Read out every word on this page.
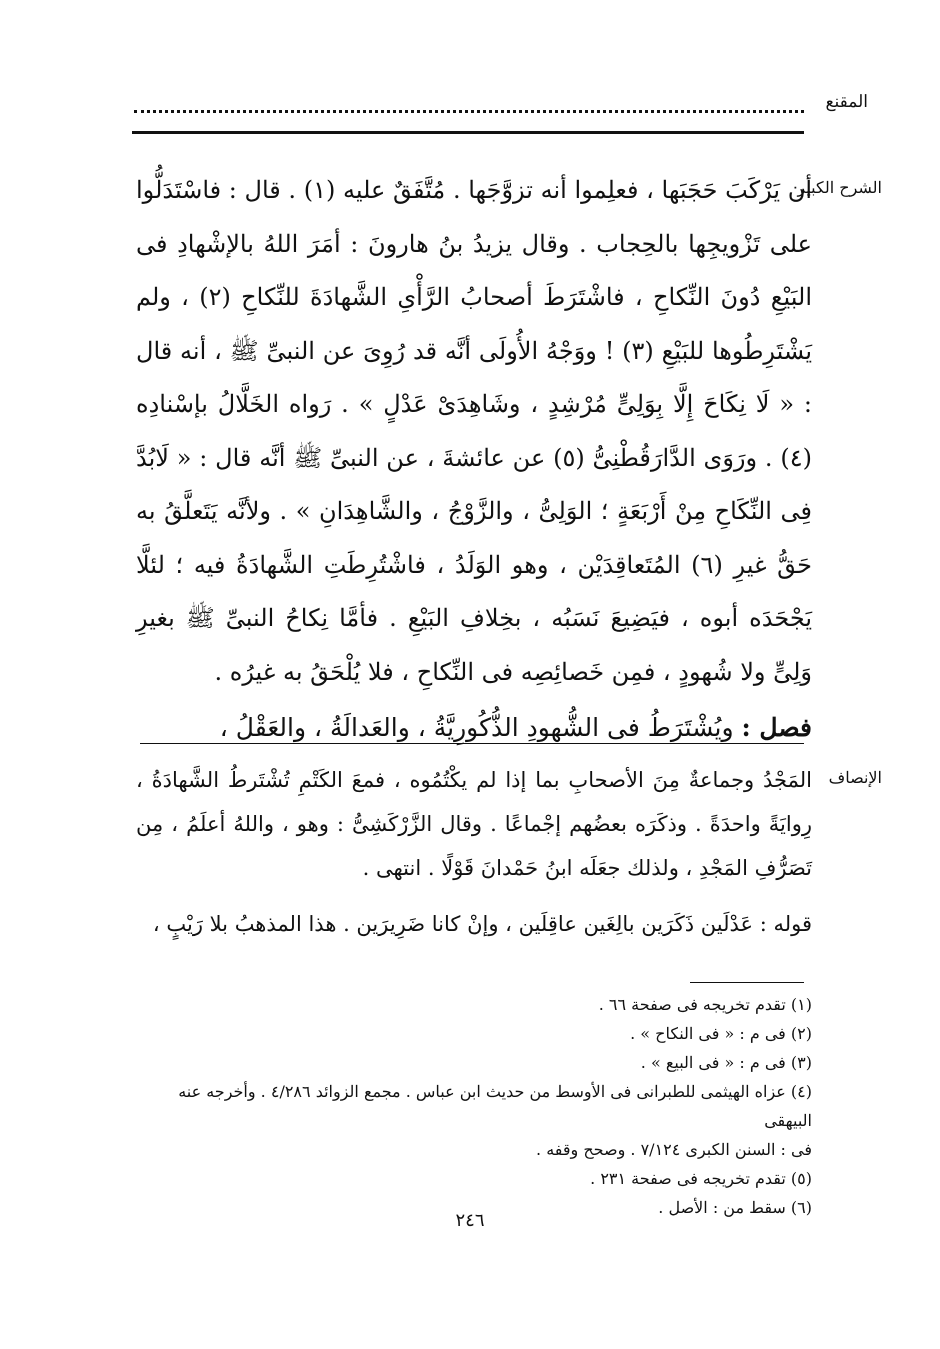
المقنع
الشرح الكبير
أن يَرْكَبَ حَجَبَها ، فعلِموا أنه تزوَّجَها . مُتَّفَقٌ عليه (١) . قال : فاسْتَدَلُّوا على تَزْويجِها بالحِجاب . وقال يزيدُ بنُ هارونَ : أمَرَ اللهُ بالإشْهادِ فى البَيْعِ دُونَ النِّكاحِ ، فاشْتَرَطَ أصحابُ الرَّأْىِ الشَّهادَةَ للنِّكاحِ (٢) ، ولم يَشْتَرِطُوها للبَيْعِ (٣) ! ووَجْهُ الأُولَى أنَّه قد رُوِىَ عن النبىِّ ﷺ ، أنه قال : « لَا نِكَاحَ إِلَّا بِوَلِىٍّ مُرْشِدٍ ، وشَاهِدَىْ عَدْلٍ » . رَواه الخَلَّالُ بإسْنادِه (٤) . ورَوَى الدَّارَقُطْنِىُّ (٥) عن عائشةَ ، عن النبىِّ ﷺ أنَّه قال : « لَابُدَّ فِى النِّكَاحِ مِنْ أَرْبَعَةٍ ؛ الوَلِىُّ ، والزَّوْجُ ، والشَّاهِدَانِ » . ولأنَّه يَتَعلَّقُ به حَقُّ غيرِ (٦) المُتَعاقِدَيْن ، وهو الوَلَدُ ، فاشْتُرِطَتِ الشَّهادَةُ فيه ؛ لئلَّا يَجْحَدَه أبوه ، فيَضِيعَ نَسَبُه ، بخِلافِ البَيْعِ . فأمَّا نِكاحُ النبىِّ ﷺ بغيرِ وَلِىٍّ ولا شُهودٍ ، فمِن خَصائِصِه فى النِّكاحِ ، فلا يُلْحَقُ به غيرُه .
فصل : ويُشْتَرَطُ فى الشُّهودِ الذُّكُورِيَّةُ ، والعَدالَةُ ، والعَقْلُ ،
الإنصاف
المَجْدُ وجماعةٌ مِنَ الأصحابِ بما إذا لم يكْتُمُوه ، فمعَ الكَتْمِ تُشْتَرطُ الشَّهادَةُ ، رِوايَةً واحدَةً . وذكَرَه بعضُهم إجْماعًا . وقال الزَّرْكَشِىُّ : وهو ، واللهُ أعلَمُ ، مِن تَصَرُّفِ المَجْدِ ، ولذلك جعَلَه ابنُ حَمْدانَ قَوْلًا . انتهى .
قوله : عَدْلَين ذَكَرَين بالِغَين عاقِلَين ، وإنْ كانا ضَرِيرَين . هذا المذهبُ بلا رَيْبٍ ،

(١) تقدم تخريجه فى صفحة ٦٦ .

(٢) فى م : « فى النكاح » .

(٣) فى م : « فى البيع » .

(٤) عزاه الهيثمى للطبرانى فى الأوسط من حديث ابن عباس . مجمع الزوائد ٤/٢٨٦ . وأخرجه عنه البيهقى

فى : السنن الكبرى ٧/١٢٤ . وصحح وقفه .

(٥) تقدم تخريجه فى صفحة ٢٣١ .

(٦) سقط من : الأصل .

٢٤٦
